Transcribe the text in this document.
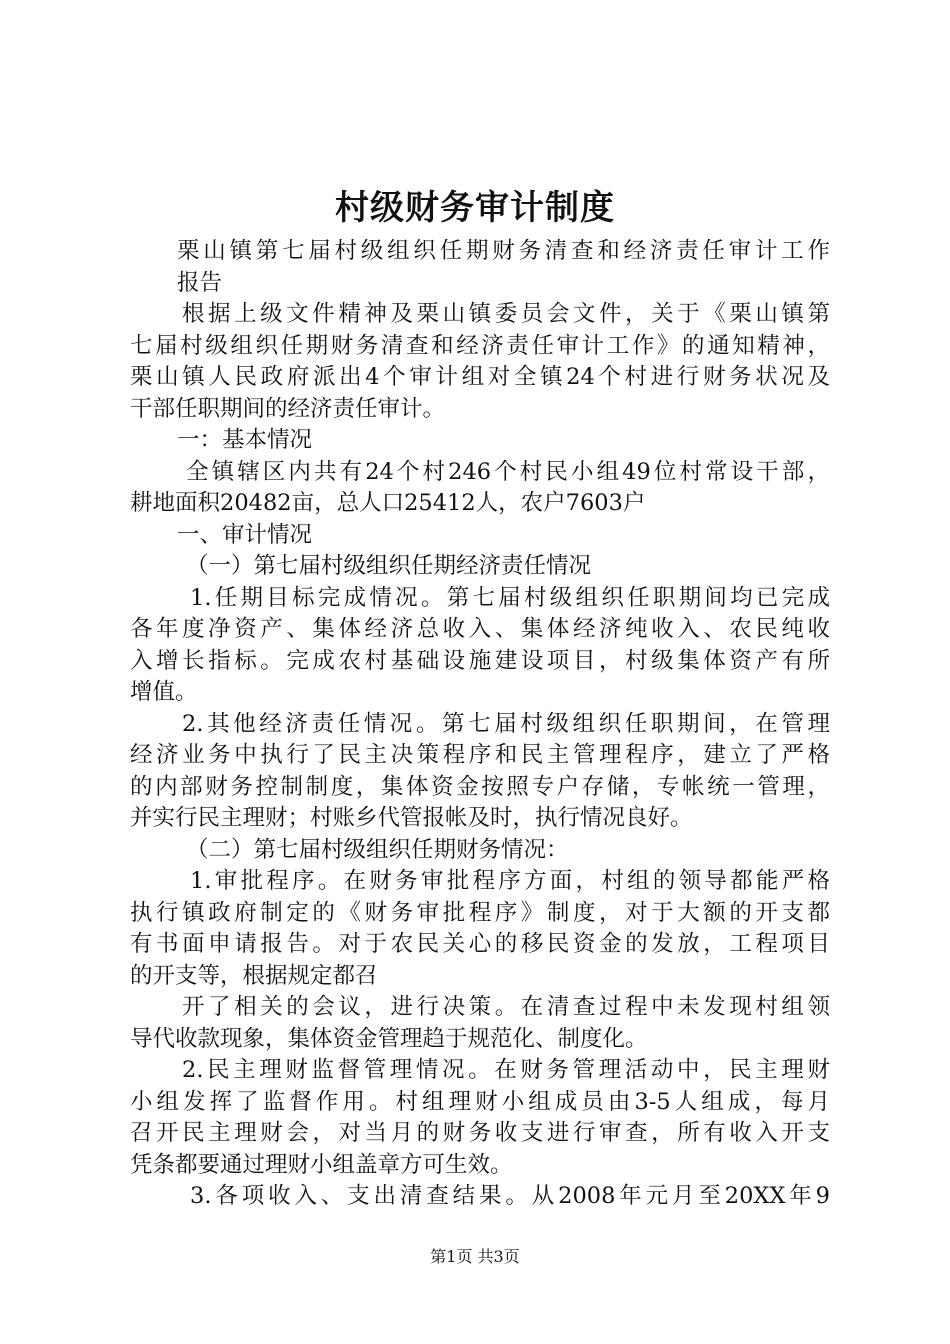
村级财务审计制度
栗山镇第七届村级组织任期财务清查和经济责任审计工作
报告
根据上级文件精神及栗山镇委员会文件，关于《栗山镇第
七届村级组织任期财务清查和经济责任审计工作》的通知精神，
栗山镇人民政府派出4个审计组对全镇24个村进行财务状况及
干部任职期间的经济责任审计。
一：基本情况
全镇辖区内共有24个村246个村民小组49位村常设干部，
耕地面积20482亩，总人口25412人，农户7603户
一、审计情况
（一）第七届村级组织任期经济责任情况
1.任期目标完成情况。第七届村级组织任职期间均已完成
各年度净资产、集体经济总收入、集体经济纯收入、农民纯收
入增长指标。完成农村基础设施建设项目，村级集体资产有所
增值。
2.其他经济责任情况。第七届村级组织任职期间，在管理
经济业务中执行了民主决策程序和民主管理程序，建立了严格
的内部财务控制制度，集体资金按照专户存储，专帐统一管理，
并实行民主理财；村账乡代管报帐及时，执行情况良好。
（二）第七届村级组织任期财务情况：
1.审批程序。在财务审批程序方面，村组的领导都能严格
执行镇政府制定的《财务审批程序》制度，对于大额的开支都
有书面申请报告。对于农民关心的移民资金的发放，工程项目
的开支等，根据规定都召
开了相关的会议，进行决策。在清查过程中未发现村组领
导代收款现象，集体资金管理趋于规范化、制度化。
2.民主理财监督管理情况。在财务管理活动中，民主理财
小组发挥了监督作用。村组理财小组成员由3-5人组成，每月
召开民主理财会，对当月的财务收支进行审查，所有收入开支
凭条都要通过理财小组盖章方可生效。
3.各项收入、支出清查结果。从2008年元月至20XX年9
第1页 共3页
